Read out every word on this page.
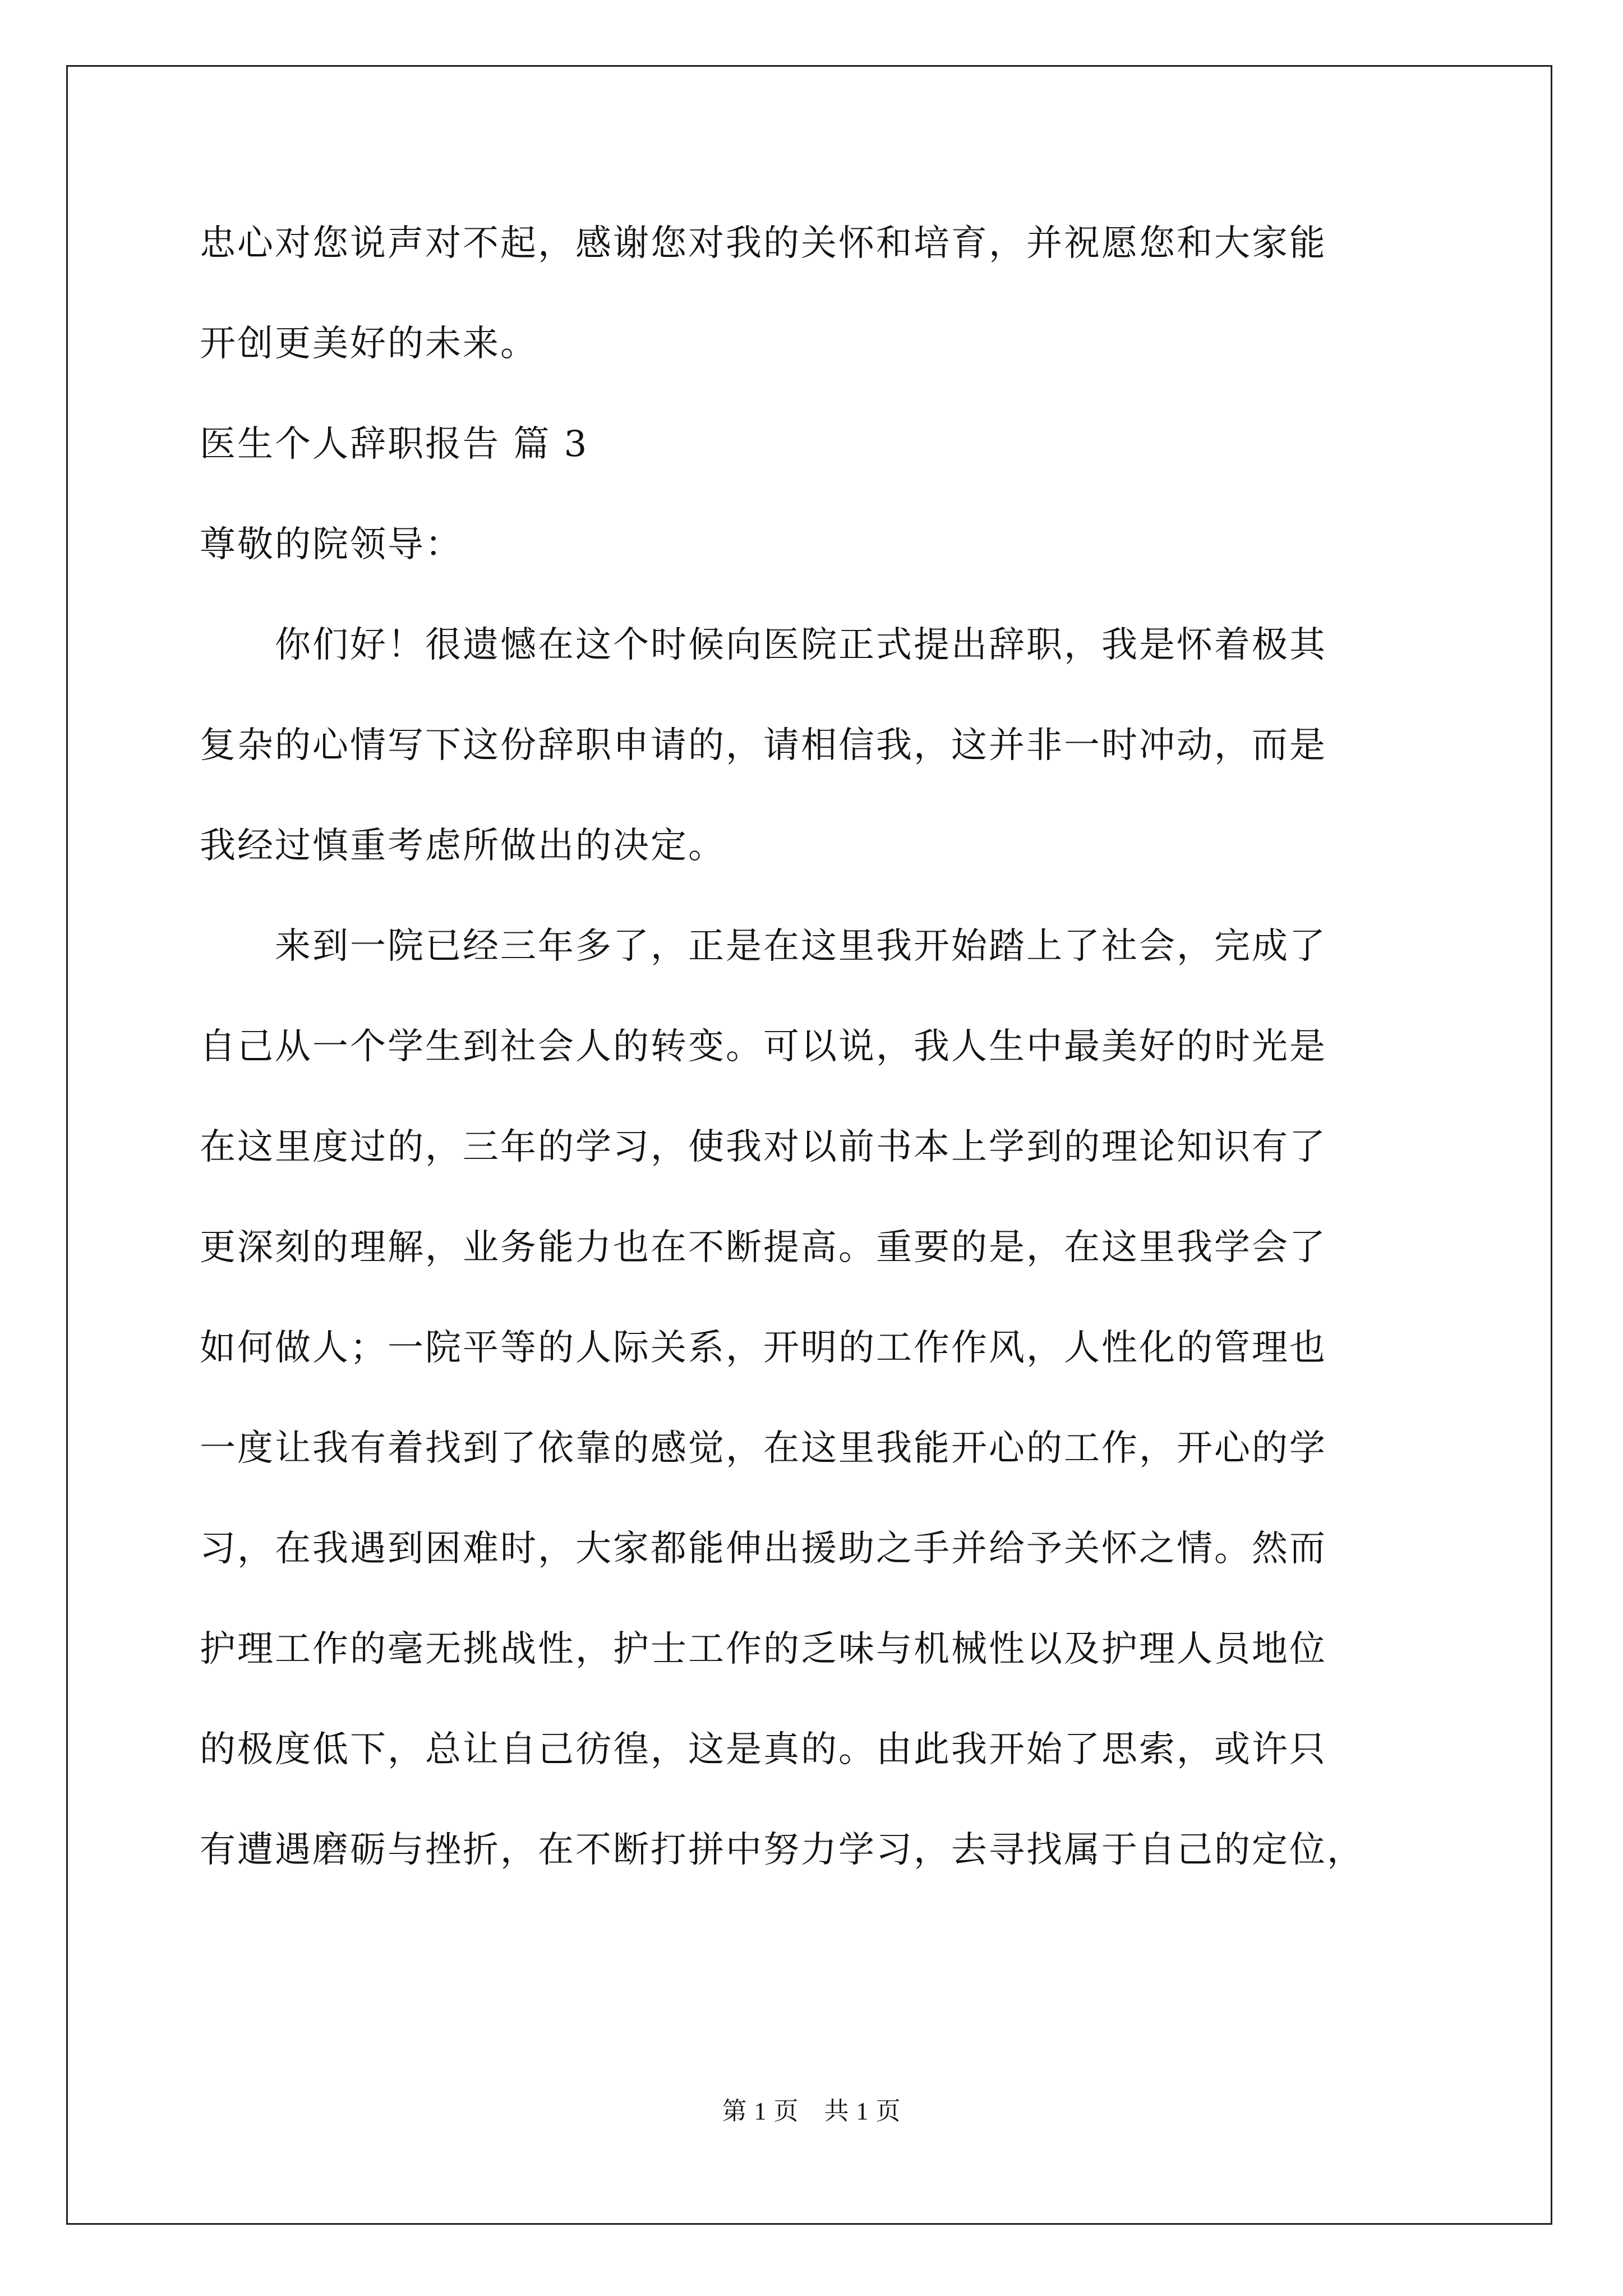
忠心对您说声对不起，感谢您对我的关怀和培育，并祝愿您和大家能
开创更美好的未来。
医生个人辞职报告 篇 3
尊敬的院领导：
　　你们好！很遗憾在这个时候向医院正式提出辞职，我是怀着极其
复杂的心情写下这份辞职申请的，请相信我，这并非一时冲动，而是
我经过慎重考虑所做出的决定。
　　来到一院已经三年多了，正是在这里我开始踏上了社会，完成了
自己从一个学生到社会人的转变。可以说，我人生中最美好的时光是
在这里度过的，三年的学习，使我对以前书本上学到的理论知识有了
更深刻的理解，业务能力也在不断提高。重要的是，在这里我学会了
如何做人；一院平等的人际关系，开明的工作作风，人性化的管理也
一度让我有着找到了依靠的感觉，在这里我能开心的工作，开心的学
习，在我遇到困难时，大家都能伸出援助之手并给予关怀之情。然而
护理工作的毫无挑战性，护士工作的乏味与机械性以及护理人员地位
的极度低下，总让自己彷徨，这是真的。由此我开始了思索，或许只
有遭遇磨砺与挫折，在不断打拼中努力学习，去寻找属于自己的定位，
第 1 页　共 1 页
